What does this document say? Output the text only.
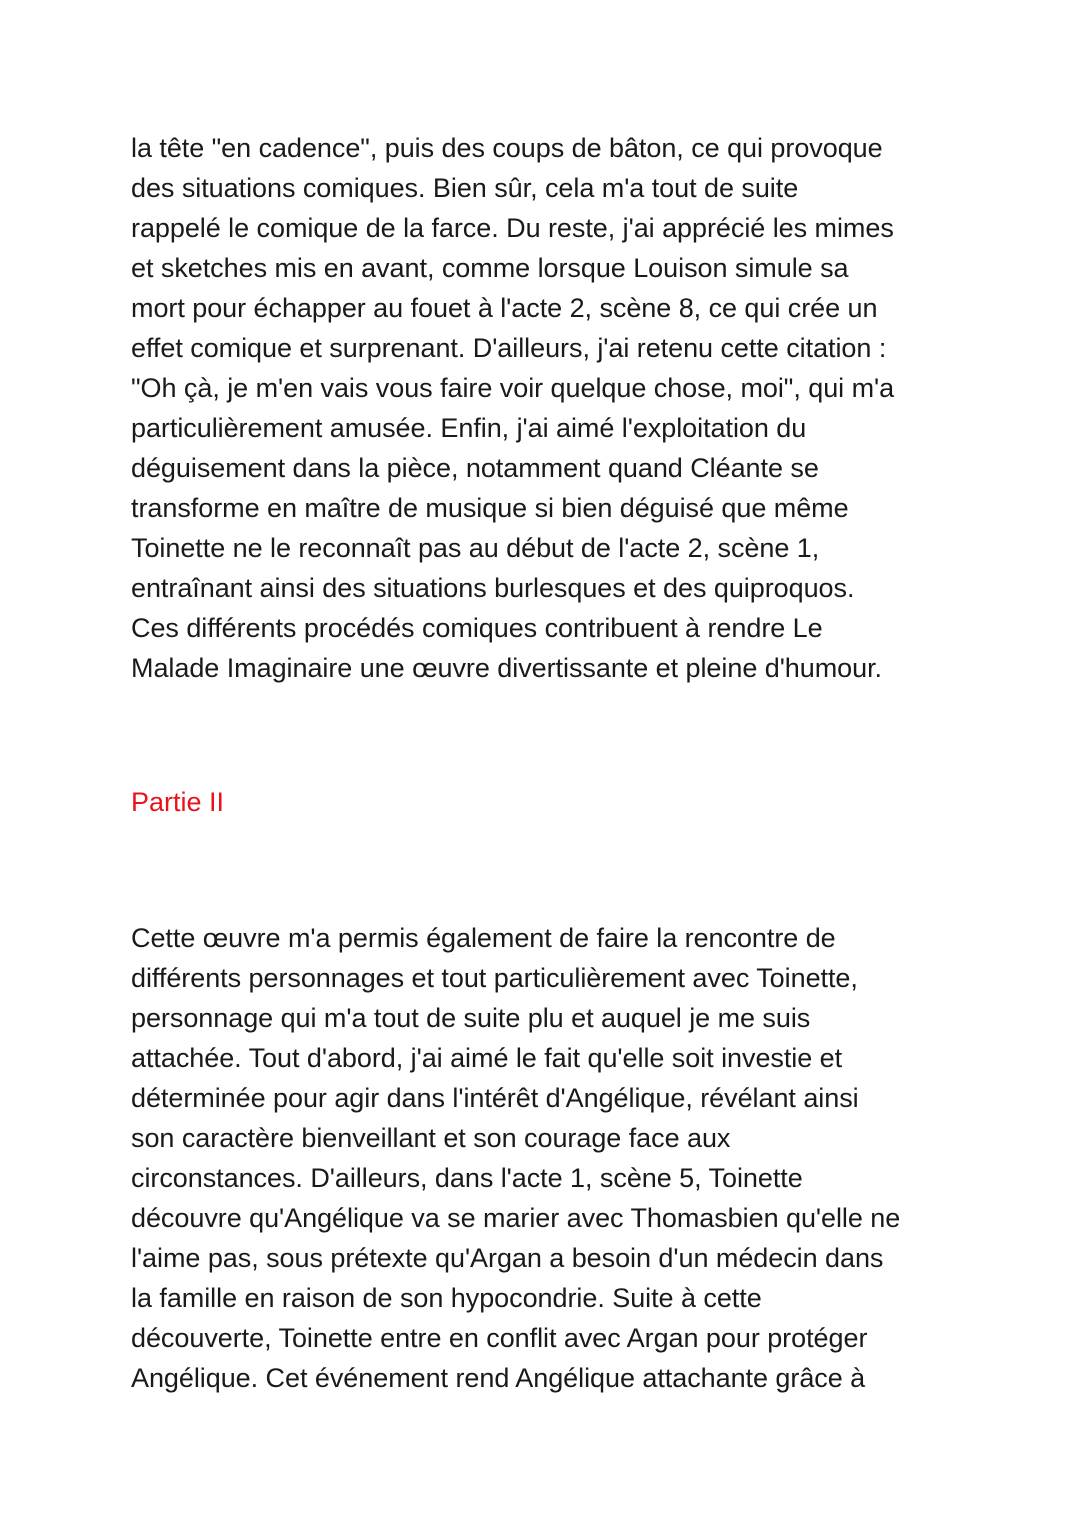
la tête "en cadence", puis des coups de bâton, ce qui provoque
des situations comiques. Bien sûr, cela m'a tout de suite
rappelé le comique de la farce. Du reste, j'ai apprécié les mimes
et sketches mis en avant, comme lorsque Louison simule sa
mort pour échapper au fouet à l'acte 2, scène 8, ce qui crée un
effet comique et surprenant. D'ailleurs, j'ai retenu cette citation :
"Oh çà, je m'en vais vous faire voir quelque chose, moi", qui m'a
particulièrement amusée. Enfin, j'ai aimé l'exploitation du
déguisement dans la pièce, notamment quand Cléante se
transforme en maître de musique si bien déguisé que même
Toinette ne le reconnaît pas au début de l'acte 2, scène 1,
entraînant ainsi des situations burlesques et des quiproquos.
Ces différents procédés comiques contribuent à rendre Le
Malade Imaginaire une œuvre divertissante et pleine d'humour.

Partie II

Cette œuvre m'a permis également de faire la rencontre de
différents personnages et tout particulièrement avec Toinette,
personnage qui m'a tout de suite plu et auquel je me suis
attachée. Tout d'abord, j'ai aimé le fait qu'elle soit investie et
déterminée pour agir dans l'intérêt d'Angélique, révélant ainsi
son caractère bienveillant et son courage face aux
circonstances. D'ailleurs, dans l'acte 1, scène 5, Toinette
découvre qu'Angélique va se marier avec Thomasbien qu'elle ne
l'aime pas, sous prétexte qu'Argan a besoin d'un médecin dans
la famille en raison de son hypocondrie. Suite à cette
découverte, Toinette entre en conflit avec Argan pour protéger
Angélique. Cet événement rend Angélique attachante grâce à
